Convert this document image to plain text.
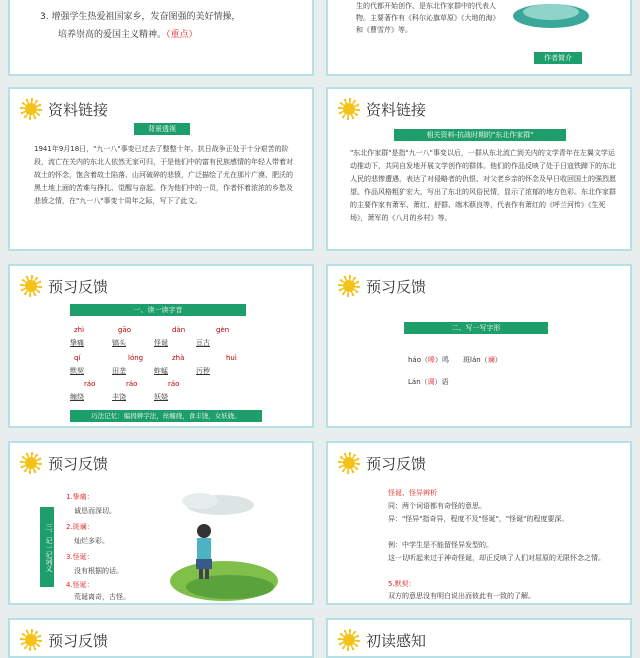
3. 增强学生热爱祖国家乡，发奋图强的美好情操，
培养崇高的爱国主义精神。（重点）
生的代都开始创作，是东北作家群中的代表人物。主要著作有《科尔沁旗草原》《大地的海》和《曹雪芹》等。
作者简介
资料链接
背景透视
1941年9月18日，"九一八"事变已过去了整整十年。抗日战争正处于十分艰苦的阶段，流亡在关内的东北人依然无家可归，于是他们中的富有民族感情的年轻人带着对故土的怀念，饱含着故土陷落、山河破碎的悲愤，广泛描绘了尤在那片广漠、肥沃的黑土地上面的苦难与挣扎、觉醒与奋起。作为他们中的一员，作者怀着浓浓的乡愁及悲愤之情，在"九一八"事变十周年之际，写下了此文。
资料链接
相关资料-抗战时期的"东北作家群"
"东北作家群"是指"九一八"事变以后，一群从东北流亡到关内的文学青年在左翼文学运动推动下，共同自发地开展文学创作的群体。他们的作品反映了处于日寇铁蹄下的东北人民的悲惨遭遇，表达了对侵略者的仇恨、对父老乡亲的怀念及早日收回国土的强烈愿望。作品风格粗犷宏大，写出了东北的风俗民情，显示了浓郁的地方色彩。东北作家群的主要作家有萧军、萧红、舒群、端木蕻良等，代表作有萧红的《呼兰河传》《生死场》，萧军的《八月的乡村》等。
预习反馈
一、读一读字音
zhì	gāo	dàn	gèn
挚痛	镐头	怪诞	亘古
qí	lóng	zhà	huì
默契	田垄	蚱蜢	污秽
ráo	ráo	ráo
缠绕	丰饶	妖娆
巧法记忆：编拇辨字法，丝缠绕，食丰饶，女妖娆。
预习反馈
二、写一写字形
háo（嗥）鸣　　斑lán（斓）
Lán（调）语
预习反馈
三、记一记词义
1.挚痛：
诚恳而深切。
2.斑斓：
灿烂多彩。
3.怪诞：
没有根据的话。
4.怪诞：
荒诞离奇，古怪。
预习反馈
怪诞、怪异辨析
同：两个词语都有奇怪的意思。
异："怪异"指奇异，程度不及"怪诞"，"怪诞"的程度要深。
例：中学生是不能留怪异发型的。
这一切听起来过于神奇怪诞，却正反映了人们对屈原的无限怀念之情。
5.默契：
双方的意思没有明白说出而彼此有一致的了解。
预习反馈	初读感知
